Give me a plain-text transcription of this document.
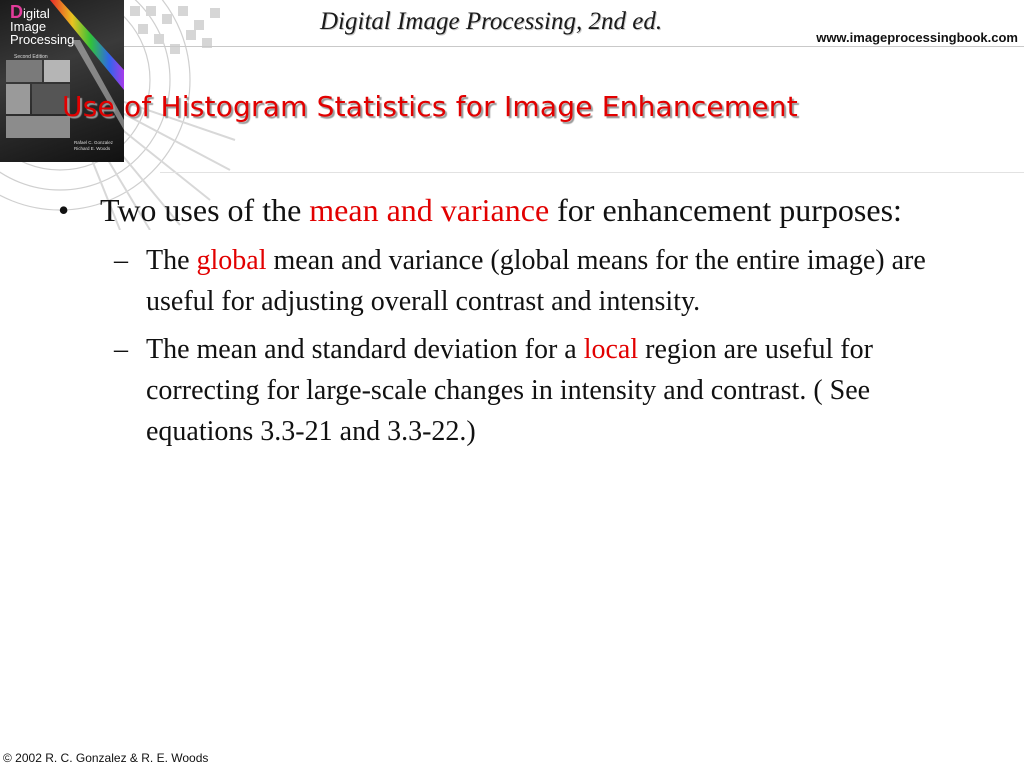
Digital
Image
Processing
Second Edition
Rafael C. Gonzalez
Richard E. Woods
Digital Image Processing, 2nd ed.
www.imageprocessingbook.com
Use of Histogram Statistics for Image Enhancement
• Two uses of the mean and variance for enhancement purposes:
– The global mean and variance (global means for the entire image) are useful for adjusting overall contrast and intensity.
– The mean and standard deviation for a local region are useful for correcting for large-scale changes in intensity and contrast. ( See equations 3.3-21 and 3.3-22.)
© 2002 R. C. Gonzalez & R. E. Woods
